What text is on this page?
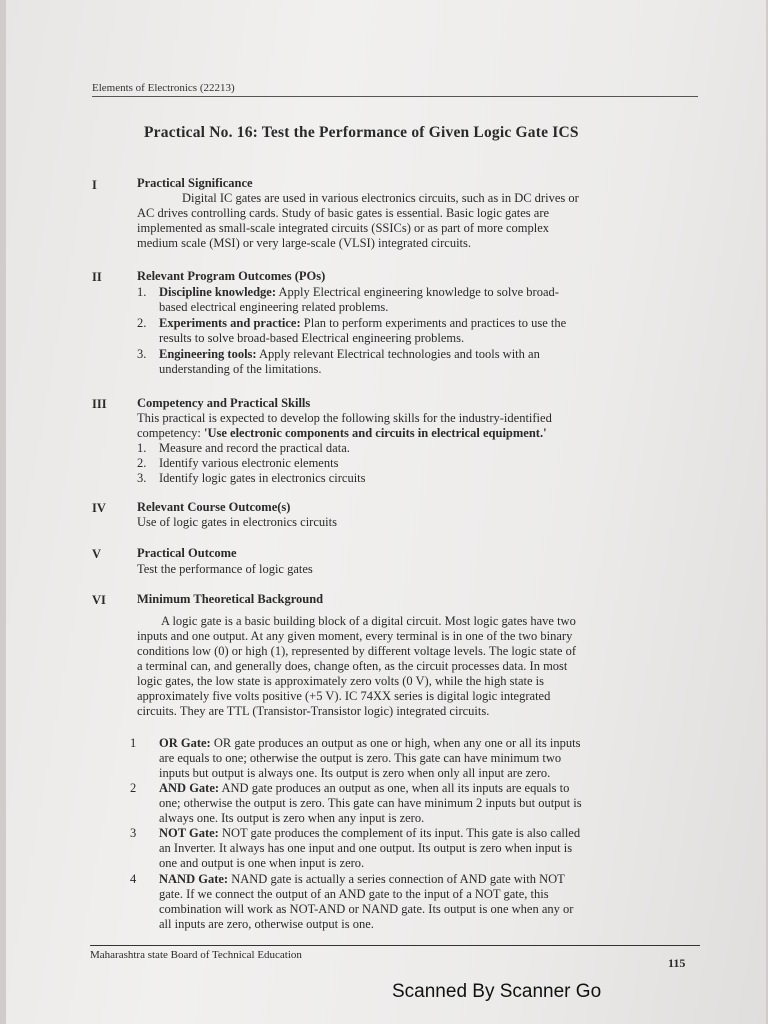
Elements of Electronics (22213)
Practical No. 16: Test the Performance of Given Logic Gate ICS
I	Practical Significance
Digital IC gates are used in various electronics circuits, such as in DC drives or
AC drives controlling cards. Study of basic gates is essential. Basic logic gates are
implemented as small-scale integrated circuits (SSICs) or as part of more complex
medium scale (MSI) or very large-scale (VLSI) integrated circuits.
II	Relevant Program Outcomes (POs)
1. Discipline knowledge: Apply Electrical engineering knowledge to solve broad-
based electrical engineering related problems.
2. Experiments and practice: Plan to perform experiments and practices to use the
results to solve broad-based Electrical engineering problems.
3. Engineering tools: Apply relevant Electrical technologies and tools with an
understanding of the limitations.
III Competency and Practical Skills
This practical is expected to develop the following skills for the industry-identified
competency: 'Use electronic components and circuits in electrical equipment.'
1. Measure and record the practical data.
2. Identify various electronic elements
3. Identify logic gates in electronics circuits
IV Relevant Course Outcome(s)
Use of logic gates in electronics circuits
V	Practical Outcome
Test the performance of logic gates
VI Minimum Theoretical Background
A logic gate is a basic building block of a digital circuit. Most logic gates have two
inputs and one output. At any given moment, every terminal is in one of the two binary
conditions low (0) or high (1), represented by different voltage levels. The logic state of
a terminal can, and generally does, change often, as the circuit processes data. In most
logic gates, the low state is approximately zero volts (0 V), while the high state is
approximately five volts positive (+5 V). IC 74XX series is digital logic integrated
circuits. They are TTL (Transistor-Transistor logic) integrated circuits.
1 OR Gate: OR gate produces an output as one or high, when any one or all its inputs
are equals to one; otherwise the output is zero. This gate can have minimum two
inputs but output is always one. Its output is zero when only all input are zero.
2 AND Gate: AND gate produces an output as one, when all its inputs are equals to
one; otherwise the output is zero. This gate can have minimum 2 inputs but output is
always one. Its output is zero when any input is zero.
3 NOT Gate: NOT gate produces the complement of its input. This gate is also called
an Inverter. It always has one input and one output. Its output is zero when input is
one and output is one when input is zero.
4 NAND Gate: NAND gate is actually a series connection of AND gate with NOT
gate. If we connect the output of an AND gate to the input of a NOT gate, this
combination will work as NOT-AND or NAND gate. Its output is one when any or
all inputs are zero, otherwise output is one.
Maharashtra state Board of Technical Education
115
Scanned By Scanner Go
